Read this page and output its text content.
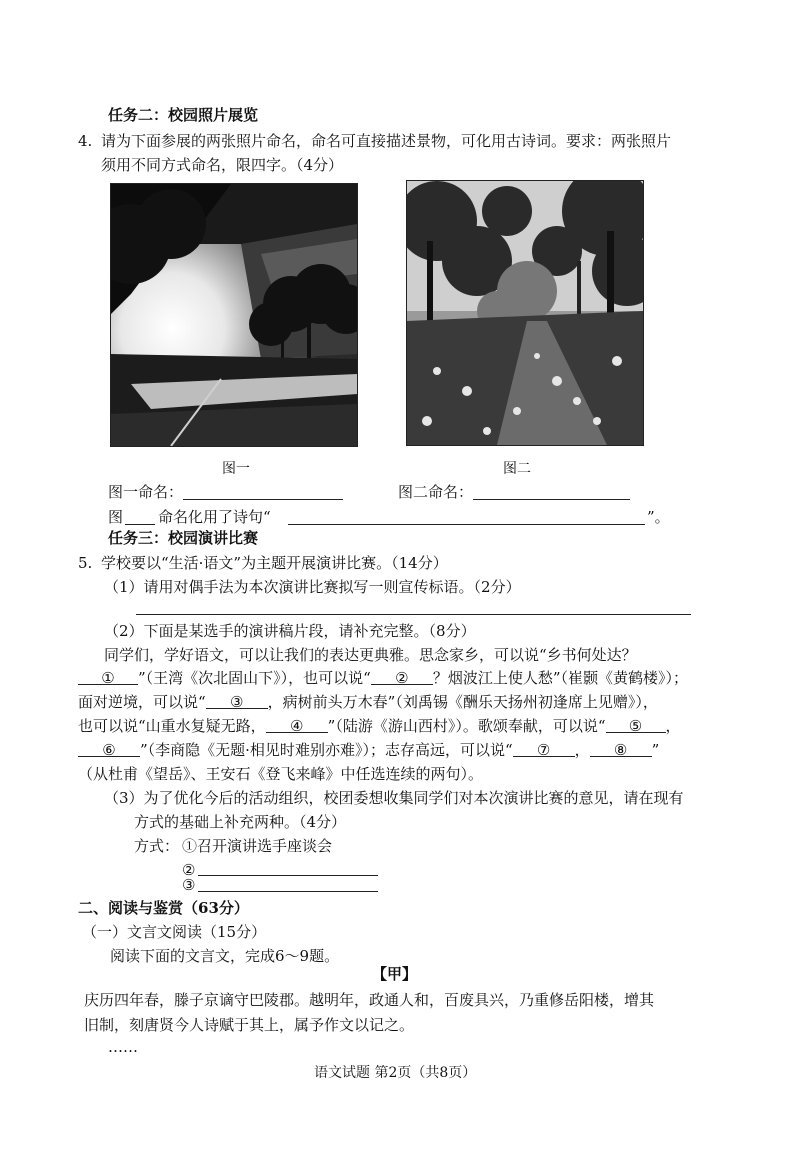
任务二：校园照片展览
4. 请为下面参展的两张照片命名，命名可直接描述景物，可化用古诗词。要求：两张照片
须用不同方式命名，限四字。（4分）
图一	图二
图一命名：	图二命名：
图 命名化用了诗句“	”。
任务三：校园演讲比赛
5. 学校要以“生活·语文”为主题开展演讲比赛。（14分）
（1）请用对偶手法为本次演讲比赛拟写一则宣传标语。（2分）
（2）下面是某选手的演讲稿片段，请补充完整。（8分）
同学们，学好语文，可以让我们的表达更典雅。思念家乡，可以说“乡书何处达？
① ”（王湾《次北固山下》），也可以说“ ② ？烟波江上使人愁”（崔颢《黄鹤楼》）；
面对逆境，可以说“ ③ ，病树前头万木春”（刘禹锡《酬乐天扬州初逢席上见赠》），
也可以说“山重水复疑无路， ④ ”（陆游《游山西村》）。歌颂奉献，可以说“ ⑤ ，
⑥ ”（李商隐《无题·相见时难别亦难》）；志存高远，可以说“ ⑦ ， ⑧ ”
（从杜甫《望岳》、王安石《登飞来峰》中任选连续的两句）。
（3）为了优化今后的活动组织，校团委想收集同学们对本次演讲比赛的意见，请在现有
方式的基础上补充两种。（4分）
方式： ①召开演讲选手座谈会
②
③
二、阅读与鉴赏（63分）
（一）文言文阅读（15分）
阅读下面的文言文，完成6～9题。
【甲】
庆历四年春，滕子京谪守巴陵郡。越明年，政通人和，百废具兴，乃重修岳阳楼，增其
旧制，刻唐贤今人诗赋于其上，属予作文以记之。
……
语文试题 第2页（共8页）
